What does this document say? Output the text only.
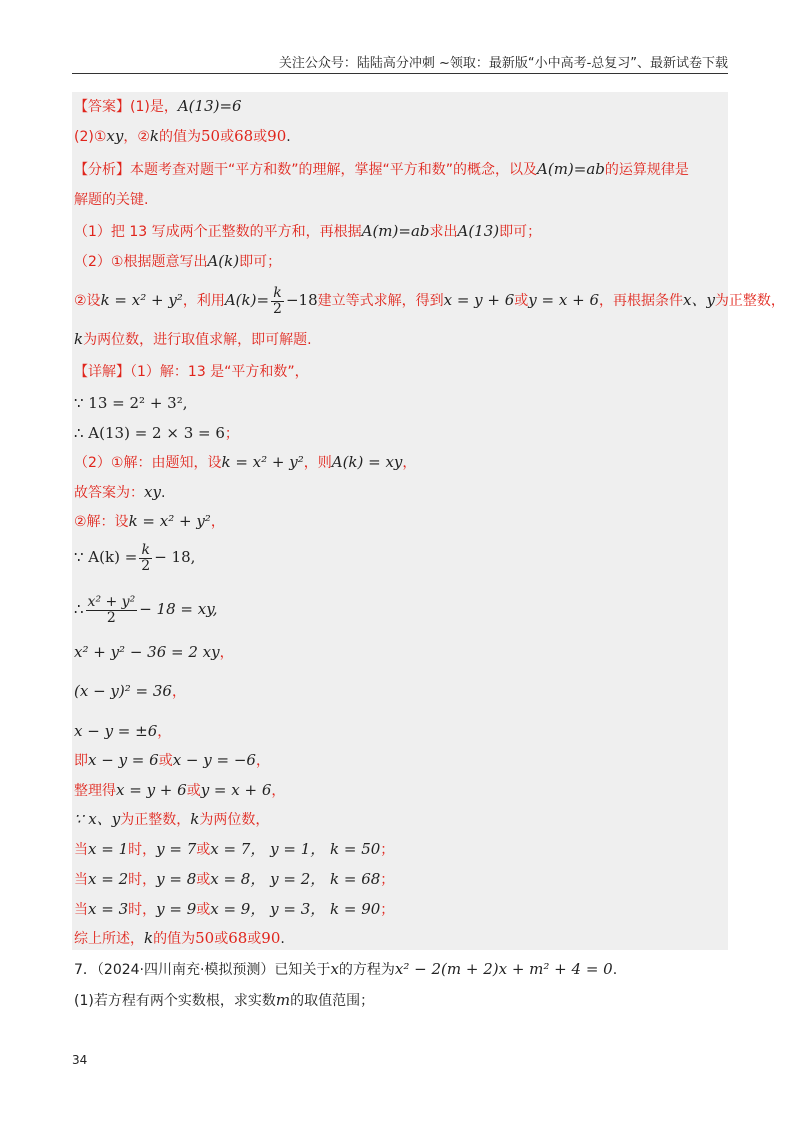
关注公众号：陆陆高分冲刺 ~领取：最新版“小中高考-总复习”、最新试卷下载
【答案】(1)是，A(13)=6
(2)①xy，②k的值为50或68或90.
【分析】本题考查对题干“平方和数”的理解，掌握“平方和数”的概念，以及A(m)=ab的运算规律是
解题的关键.
（1）把 13 写成两个正整数的平方和，再根据A(m)=ab求出A(13)即可；
（2）①根据题意写出A(k)即可；
②设k = x² + y²，利用$A(k)= \frac{k}{2} -18$建立等式求解，得到x = y + 6或y = x + 6，再根据条件x、y为正整数，
k为两位数，进行取值求解，即可解题.
【详解】（1）解：13 是“平方和数”，
∵ 13 = 2² + 3²,
∴ A(13) = 2 × 3 = 6；
（2）①解：由题知，设k = x² + y²，则A(k) = xy，
故答案为：xy.
②解：设k = x² + y²，
∵ $A(k) = \frac{k}{2} - 18$,
∴ $\frac{\text{x² + y²}}{2} - 18$ = xy,
x² + y² − 36 = 2 xy，
(x − y)² = 36，
x − y = ±6，
即x − y = 6或x − y = −6，
整理得x = y + 6或y = x + 6，
∵ x、y为正整数，k为两位数，
当x = 1时，y = 7或x = 7， y = 1， k = 50；
当x = 2时，y = 8或x = 8， y = 2， k = 68；
当x = 3时，y = 9或x = 9， y = 3， k = 90；
综上所述，k的值为50或68或90.
7．（2024·四川南充·模拟预测）已知关于x的方程为x² − 2(m + 2)x + m² + 4 = 0.
(1)若方程有两个实数根，求实数m的取值范围；
34
